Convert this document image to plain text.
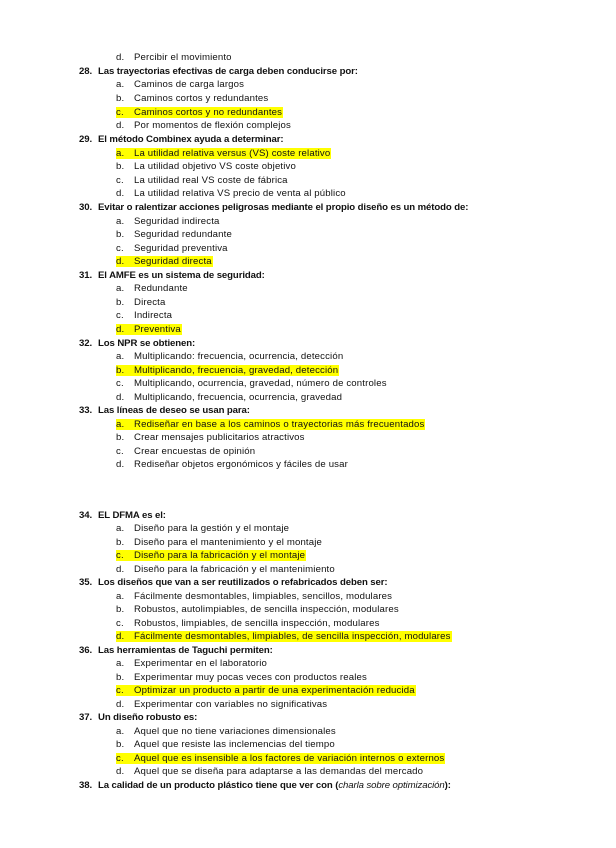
d. Percibir el movimiento
28. Las trayectorias efectivas de carga deben conducirse por:
a. Caminos de carga largos
b. Caminos cortos y redundantes
c. Caminos cortos y no redundantes
d. Por momentos de flexión complejos
29. El método Combinex ayuda a determinar:
a. La utilidad relativa versus (VS) coste relativo
b. La utilidad objetivo VS coste objetivo
c. La utilidad real VS coste de fábrica
d. La utilidad relativa VS precio de venta al público
30. Evitar o ralentizar acciones peligrosas mediante el propio diseño es un método de:
a. Seguridad indirecta
b. Seguridad redundante
c. Seguridad preventiva
d. Seguridad directa
31. El AMFE es un sistema de seguridad:
a. Redundante
b. Directa
c. Indirecta
d. Preventiva
32. Los NPR se obtienen:
a. Multiplicando: frecuencia, ocurrencia, detección
b. Multiplicando, frecuencia, gravedad, detección
c. Multiplicando, ocurrencia, gravedad, número de controles
d. Multiplicando, frecuencia, ocurrencia, gravedad
33. Las líneas de deseo se usan para:
a. Rediseñar en base a los caminos o trayectorias más frecuentados
b. Crear mensajes publicitarios atractivos
c. Crear encuestas de opinión
d. Rediseñar objetos ergonómicos y fáciles de usar
34. EL DFMA es el:
a. Diseño para la gestión y el montaje
b. Diseño para el mantenimiento y el montaje
c. Diseño para la fabricación y el montaje
d. Diseño para la fabricación y el mantenimiento
35. Los diseños que van a ser reutilizados o refabricados deben ser:
a. Fácilmente desmontables, limpiables, sencillos, modulares
b. Robustos, autolimpiables, de sencilla inspección, modulares
c. Robustos, limpiables, de sencilla inspección, modulares
d. Fácilmente desmontables, limpiables, de sencilla inspección, modulares
36. Las herramientas de Taguchi permiten:
a. Experimentar en el laboratorio
b. Experimentar muy pocas veces con productos reales
c. Optimizar un producto a partir de una experimentación reducida
d. Experimentar con variables no significativas
37. Un diseño robusto es:
a. Aquel que no tiene variaciones dimensionales
b. Aquel que resiste las inclemencias del tiempo
c. Aquel que es insensible a los factores de variación internos o externos
d. Aquel que se diseña para adaptarse a las demandas del mercado
38. La calidad de un producto plástico tiene que ver con (charla sobre optimización):
